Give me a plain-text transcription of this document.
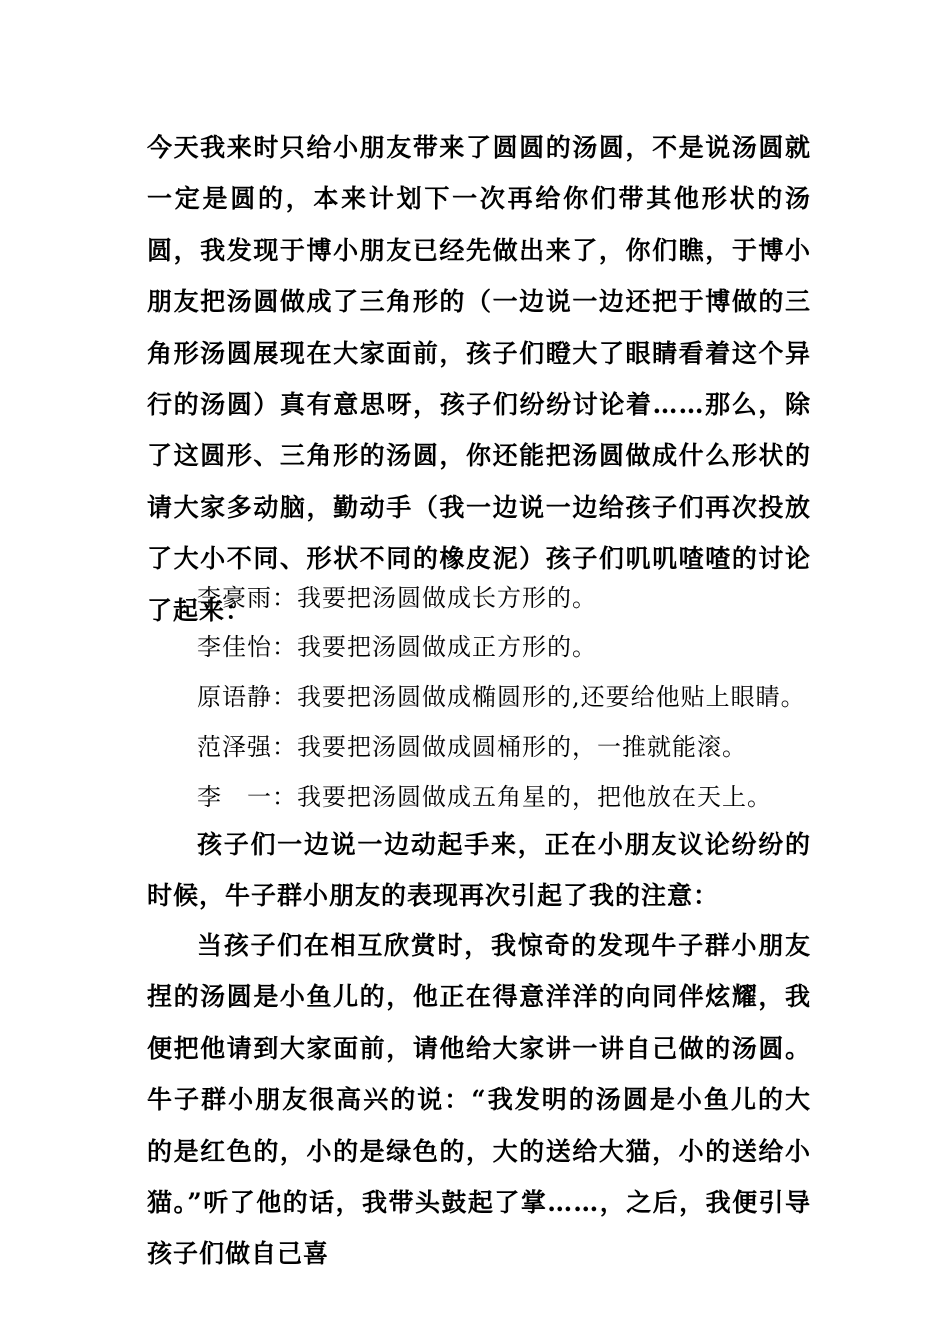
今天我来时只给小朋友带来了圆圆的汤圆，不是说汤圆就一定是圆的，本来计划下一次再给你们带其他形状的汤圆，我发现于博小朋友已经先做出来了，你们瞧，于博小朋友把汤圆做成了三角形的（一边说一边还把于博做的三角形汤圆展现在大家面前，孩子们瞪大了眼睛看着这个异行的汤圆）真有意思呀，孩子们纷纷讨论着……那么，除了这圆形、三角形的汤圆，你还能把汤圆做成什么形状的请大家多动脑，勤动手（我一边说一边给孩子们再次投放了大小不同、形状不同的橡皮泥）孩子们叽叽喳喳的讨论了起来：

李豪雨：我要把汤圆做成长方形的。

李佳怡：我要把汤圆做成正方形的。

原语静：我要把汤圆做成椭圆形的,还要给他贴上眼睛。

范泽强：我要把汤圆做成圆桶形的，一推就能滚。

李　一：我要把汤圆做成五角星的，把他放在天上。

孩子们一边说一边动起手来，正在小朋友议论纷纷的时候，牛子群小朋友的表现再次引起了我的注意：

当孩子们在相互欣赏时，我惊奇的发现牛子群小朋友捏的汤圆是小鱼儿的，他正在得意洋洋的向同伴炫耀，我便把他请到大家面前，请他给大家讲一讲自己做的汤圆。牛子群小朋友很高兴的说：“我发明的汤圆是小鱼儿的大的是红色的，小的是绿色的，大的送给大猫，小的送给小猫。”听了他的话，我带头鼓起了掌……，之后，我便引导孩子们做自己喜
